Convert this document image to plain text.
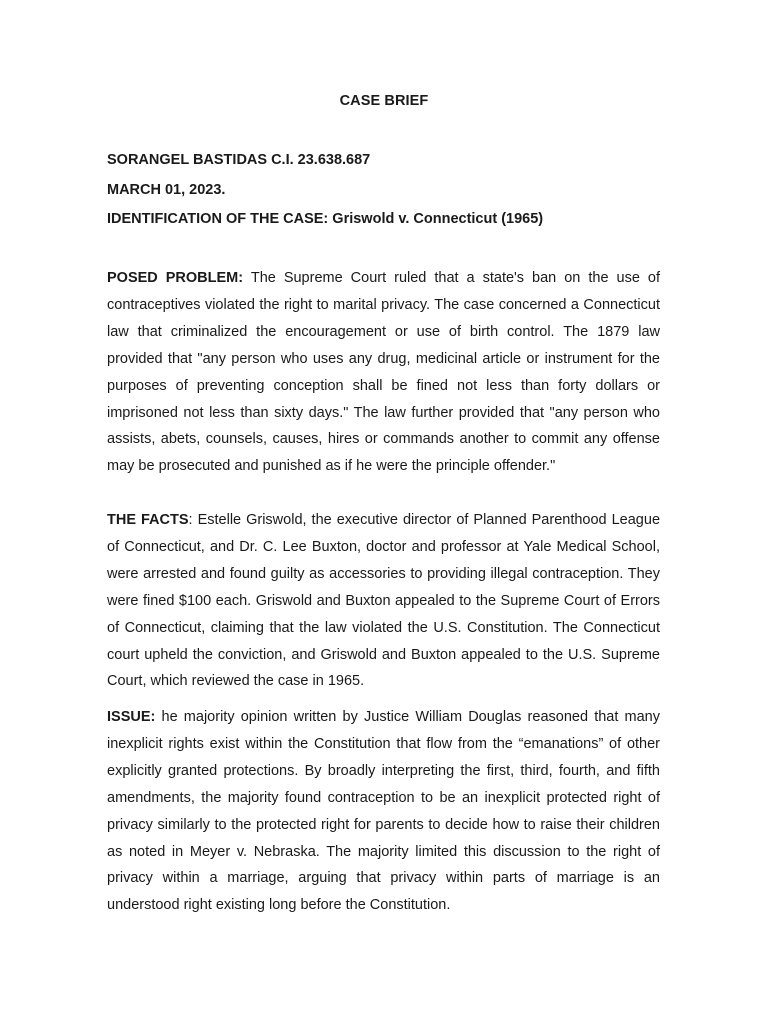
CASE BRIEF
SORANGEL BASTIDAS C.I. 23.638.687
MARCH 01, 2023.
IDENTIFICATION OF THE CASE: Griswold v. Connecticut (1965)

POSED PROBLEM: The Supreme Court ruled that a state's ban on the use of contraceptives violated the right to marital privacy. The case concerned a Connecticut law that criminalized the encouragement or use of birth control. The 1879 law provided that "any person who uses any drug, medicinal article or instrument for the purposes of preventing conception shall be fined not less than forty dollars or imprisoned not less than sixty days." The law further provided that "any person who assists, abets, counsels, causes, hires or commands another to commit any offense may be prosecuted and punished as if he were the principle offender."

THE FACTS: Estelle Griswold, the executive director of Planned Parenthood League of Connecticut, and Dr. C. Lee Buxton, doctor and professor at Yale Medical School, were arrested and found guilty as accessories to providing illegal contraception. They were fined $100 each. Griswold and Buxton appealed to the Supreme Court of Errors of Connecticut, claiming that the law violated the U.S. Constitution. The Connecticut court upheld the conviction, and Griswold and Buxton appealed to the U.S. Supreme Court, which reviewed the case in 1965.

ISSUE: he majority opinion written by Justice William Douglas reasoned that many inexplicit rights exist within the Constitution that flow from the “emanations” of other explicitly granted protections. By broadly interpreting the first, third, fourth, and fifth amendments, the majority found contraception to be an inexplicit protected right of privacy similarly to the protected right for parents to decide how to raise their children as noted in Meyer v. Nebraska. The majority limited this discussion to the right of privacy within a marriage, arguing that privacy within parts of marriage is an understood right existing long before the Constitution.
